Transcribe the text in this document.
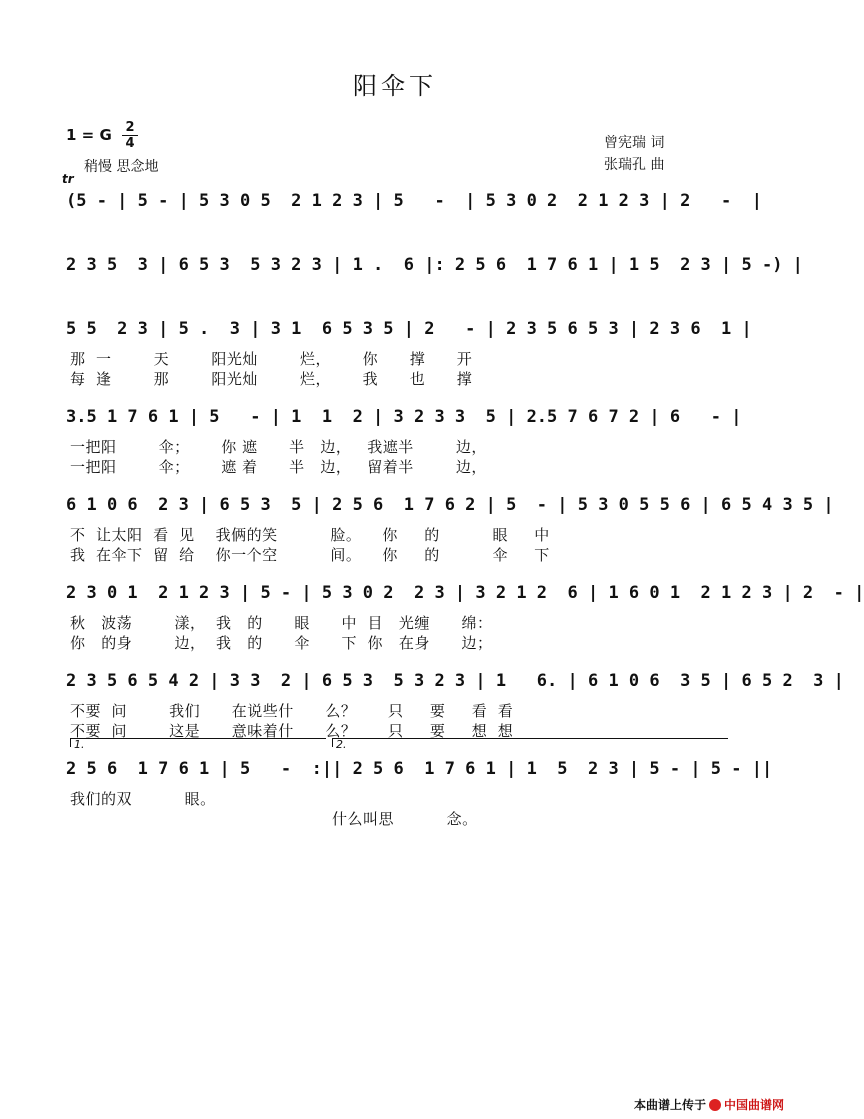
阳伞下
1 = G 2
4
稍慢 思念地
曾宪瑞 词
张瑞孔 曲
tr
(5 - | 5 - | 5 3 0 5  2 1 2 3 | 5   -  | 5 3 0 2  2 1 2 3 | 2   -  |
2 3 5  3 | 6 5 3  5 3 2 3 | 1 .  6 |: 2 5 6  1 7 6 1 | 1 5  2 3 | 5 -) |
5 5  2 3 | 5 .  3 | 3 1  6 5 3 5 | 2   - | 2 3 5 6 5 3 | 2 3 6  1 |
那  一        天        阳光灿        烂，      你      撑      开
每  逢        那        阳光灿        烂，      我      也      撑
3.5 1 7 6 1 | 5   - | 1  1  2 | 3 2 3 3  5 | 2.5 7 6 7 2 | 6   - |
一把阳        伞；      你 遮      半   边，   我遮半        边，
一把阳        伞；      遮 着      半   边，   留着半        边，
6 1 0 6  2 3 | 6 5 3  5 | 2 5 6  1 7 6 2 | 5  - | 5 3 0 5 5 6 | 6 5 4 3 5 |
不  让太阳  看  见    我俩的笑          脸。    你     的          眼     中
我  在伞下  留  给    你一个空          间。    你     的          伞     下
2 3 0 1  2 1 2 3 | 5 - | 5 3 0 2  2 3 | 3 2 1 2  6 | 1 6 0 1  2 1 2 3 | 2  - |
秋   波荡        漾，  我   的      眼      中  目   光缠      绵：
你   的身        边，  我   的      伞      下  你   在身      边；
2 3 5 6 5 4 2 | 3 3  2 | 6 5 3  5 3 2 3 | 1   6. | 6 1 0 6  3 5 | 6 5 2  3 |
不要  问        我们      在说些什      么？      只     要     看  看
不要  问        这是      意味着什      么？      只     要     想  想
1.	2.
2 5 6  1 7 6 1 | 5   -  :|| 2 5 6  1 7 6 1 | 1  5  2 3 | 5 - | 5 - ||
我们的双          眼。
什么叫思          念。
本曲谱上传于 中国曲谱网
